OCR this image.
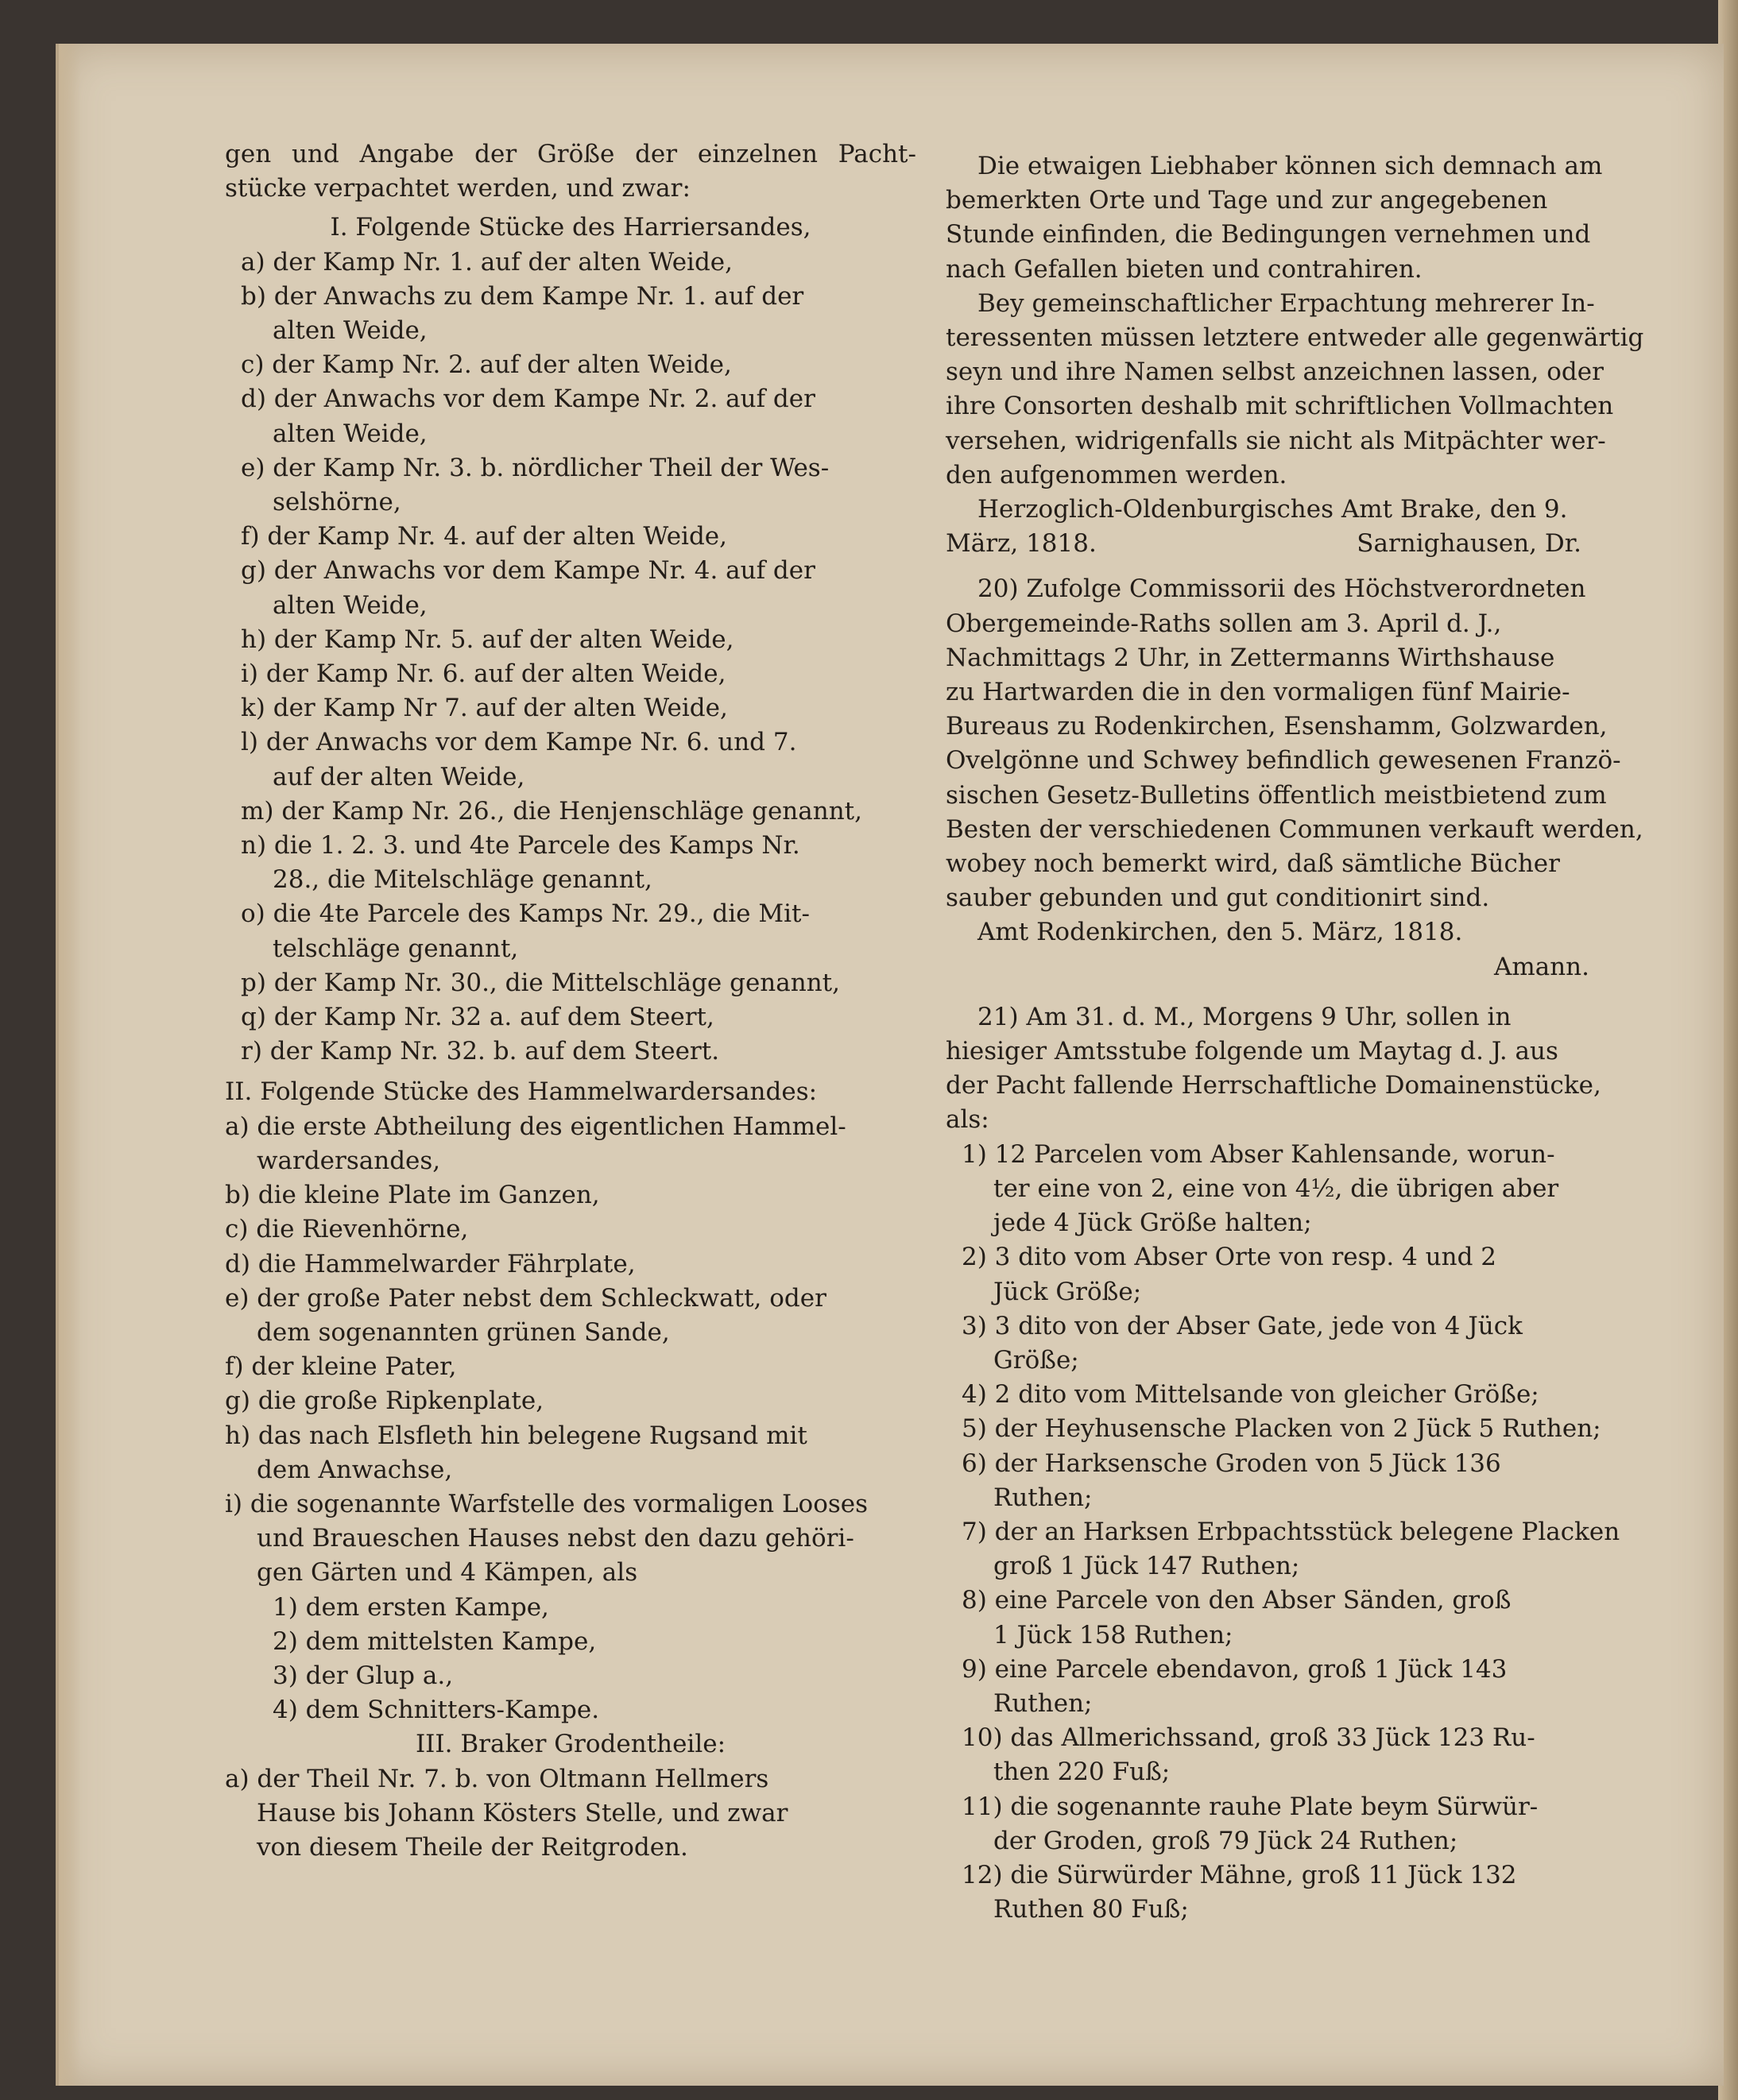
gen und Angabe der Größe der einzelnen Pacht-
stücke verpachtet werden, und zwar:
I. Folgende Stücke des Harriersandes,
a) der Kamp Nr. 1. auf der alten Weide,
b) der Anwachs zu dem Kampe Nr. 1. auf der
alten Weide,
c) der Kamp Nr. 2. auf der alten Weide,
d) der Anwachs vor dem Kampe Nr. 2. auf der
alten Weide,
e) der Kamp Nr. 3. b. nördlicher Theil der Wes-
selshörne,
f) der Kamp Nr. 4. auf der alten Weide,
g) der Anwachs vor dem Kampe Nr. 4. auf der
alten Weide,
h) der Kamp Nr. 5. auf der alten Weide,
i) der Kamp Nr. 6. auf der alten Weide,
k) der Kamp Nr 7. auf der alten Weide,
l) der Anwachs vor dem Kampe Nr. 6. und 7.
auf der alten Weide,
m) der Kamp Nr. 26., die Henjenschläge genannt,
n) die 1. 2. 3. und 4te Parcele des Kamps Nr.
28., die Mitelschläge genannt,
o) die 4te Parcele des Kamps Nr. 29., die Mit-
telschläge genannt,
p) der Kamp Nr. 30., die Mittelschläge genannt,
q) der Kamp Nr. 32 a. auf dem Steert,
r) der Kamp Nr. 32. b. auf dem Steert.
II. Folgende Stücke des Hammelwardersandes:
a) die erste Abtheilung des eigentlichen Hammel-
wardersandes,
b) die kleine Plate im Ganzen,
c) die Rievenhörne,
d) die Hammelwarder Fährplate,
e) der große Pater nebst dem Schleckwatt, oder
dem sogenannten grünen Sande,
f) der kleine Pater,
g) die große Ripkenplate,
h) das nach Elsfleth hin belegene Rugsand mit
dem Anwachse,
i) die sogenannte Warfstelle des vormaligen Looses
und Braueschen Hauses nebst den dazu gehöri-
gen Gärten und 4 Kämpen, als
1) dem ersten Kampe,
2) dem mittelsten Kampe,
3) der Glup a.,
4) dem Schnitters-Kampe.
III. Braker Grodentheile:
a) der Theil Nr. 7. b. von Oltmann Hellmers
Hause bis Johann Kösters Stelle, und zwar
von diesem Theile der Reitgroden.
Die etwaigen Liebhaber können sich demnach am
bemerkten Orte und Tage und zur angegebenen
Stunde einfinden, die Bedingungen vernehmen und
nach Gefallen bieten und contrahiren.
Bey gemeinschaftlicher Erpachtung mehrerer In-
teressenten müssen letztere entweder alle gegenwärtig
seyn und ihre Namen selbst anzeichnen lassen, oder
ihre Consorten deshalb mit schriftlichen Vollmachten
versehen, widrigenfalls sie nicht als Mitpächter wer-
den aufgenommen werden.
Herzoglich-Oldenburgisches Amt Brake, den 9.
März, 1818.	Sarnighausen, Dr.
20) Zufolge Commissorii des Höchstverordneten
Obergemeinde-Raths sollen am 3. April d. J.,
Nachmittags 2 Uhr, in Zettermanns Wirthshause
zu Hartwarden die in den vormaligen fünf Mairie-
Bureaus zu Rodenkirchen, Esenshamm, Golzwarden,
Ovelgönne und Schwey befindlich gewesenen Franzö-
sischen Gesetz-Bulletins öffentlich meistbietend zum
Besten der verschiedenen Communen verkauft werden,
wobey noch bemerkt wird, daß sämtliche Bücher
sauber gebunden und gut conditionirt sind.
Amt Rodenkirchen, den 5. März, 1818.
Amann.
21) Am 31. d. M., Morgens 9 Uhr, sollen in
hiesiger Amtsstube folgende um Maytag d. J. aus
der Pacht fallende Herrschaftliche Domainenstücke,
als:
1) 12 Parcelen vom Abser Kahlensande, worun-
ter eine von 2, eine von 4½, die übrigen aber
jede 4 Jück Größe halten;
2) 3 dito vom Abser Orte von resp. 4 und 2
Jück Größe;
3) 3 dito von der Abser Gate, jede von 4 Jück
Größe;
4) 2 dito vom Mittelsande von gleicher Größe;
5) der Heyhusensche Placken von 2 Jück 5 Ruthen;
6) der Harksensche Groden von 5 Jück 136
Ruthen;
7) der an Harksen Erbpachtsstück belegene Placken
groß 1 Jück 147 Ruthen;
8) eine Parcele von den Abser Sänden, groß
1 Jück 158 Ruthen;
9) eine Parcele ebendavon, groß 1 Jück 143
Ruthen;
10) das Allmerichssand, groß 33 Jück 123 Ru-
then 220 Fuß;
11) die sogenannte rauhe Plate beym Sürwür-
der Groden, groß 79 Jück 24 Ruthen;
12) die Sürwürder Mähne, groß 11 Jück 132
Ruthen 80 Fuß;
